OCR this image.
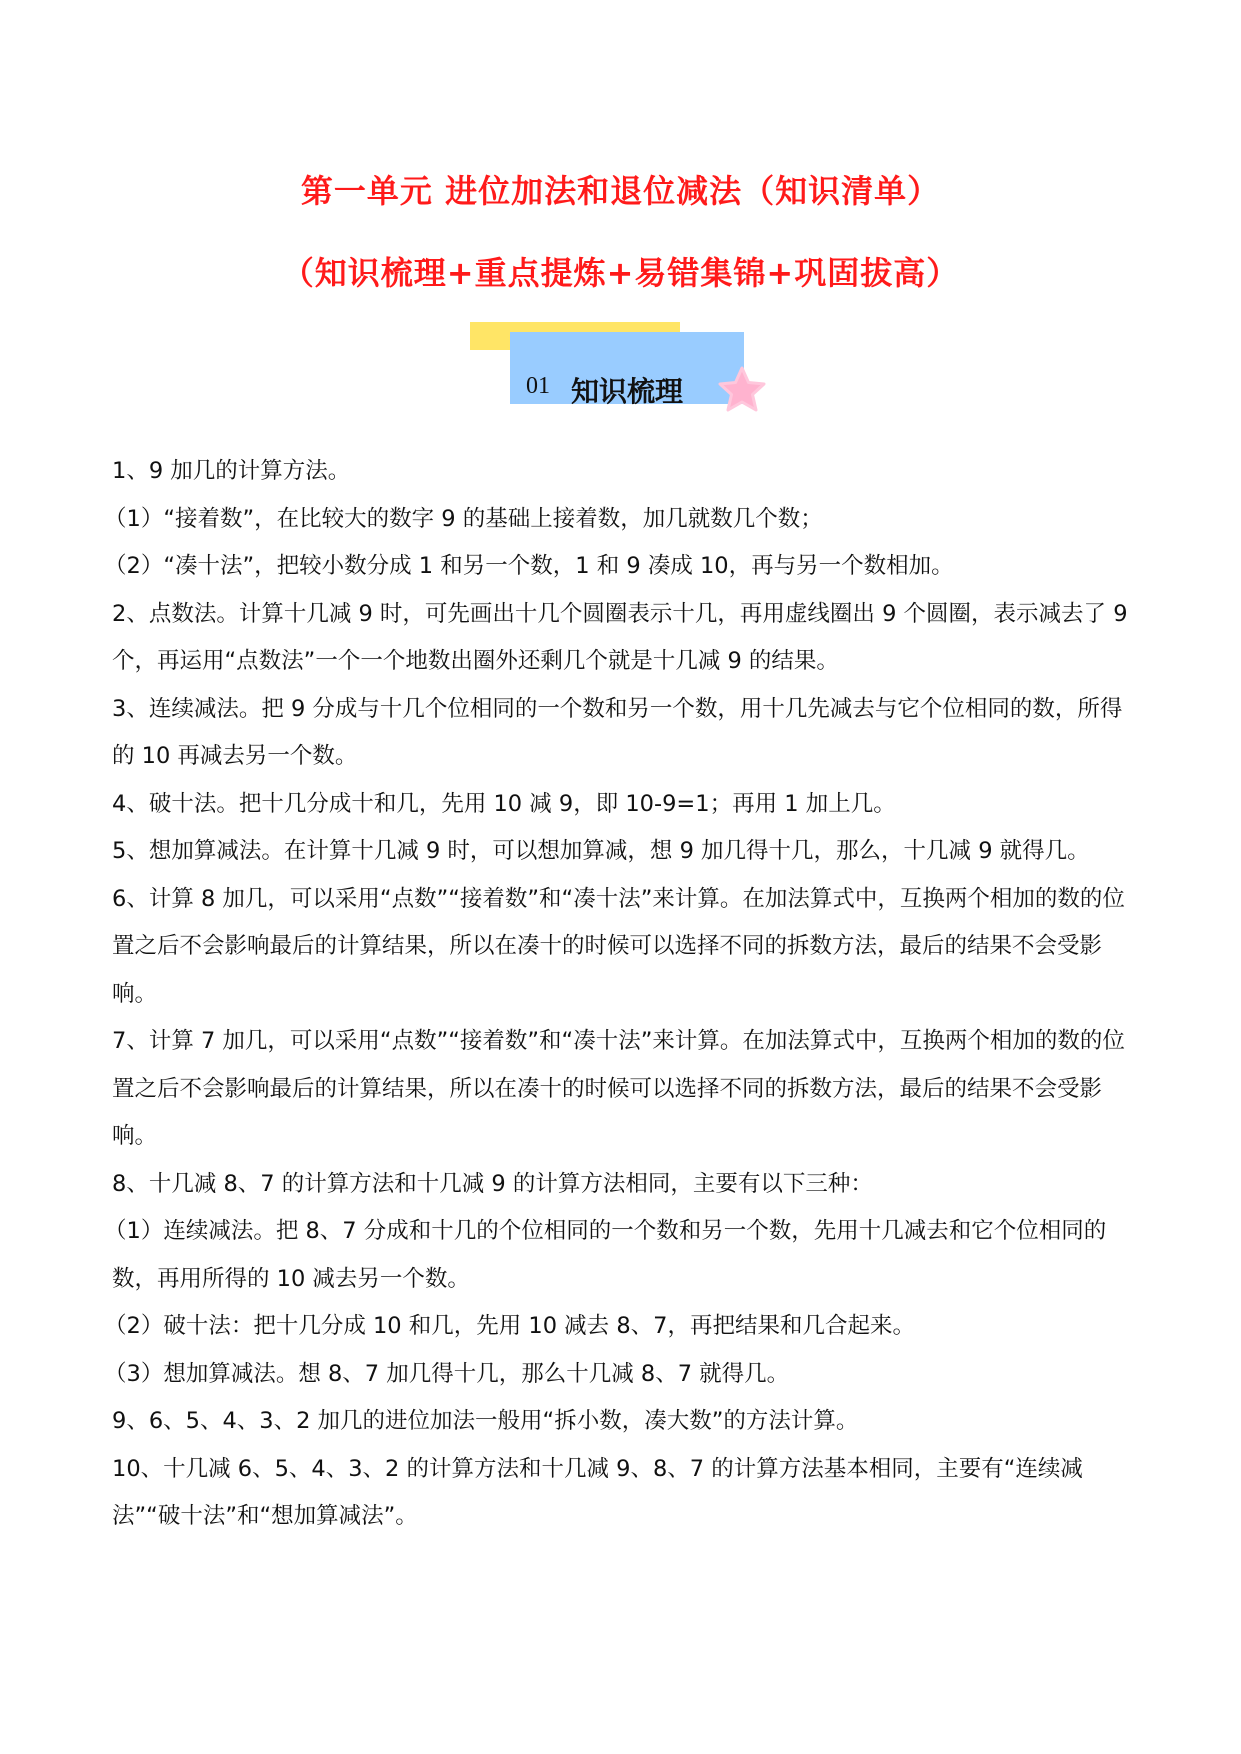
第一单元 进位加法和退位减法（知识清单）
（知识梳理+重点提炼+易错集锦+巩固拔高）
01 知识梳理

1、9 加几的计算方法。

（1）“接着数”，在比较大的数字 9 的基础上接着数，加几就数几个数；

（2）“凑十法”，把较小数分成 1 和另一个数，1 和 9 凑成 10，再与另一个数相加。

2、点数法。计算十几减 9 时，可先画出十几个圆圈表示十几，再用虚线圈出 9 个圆圈，表示减去了 9 个，再运用“点数法”一个一个地数出圈外还剩几个就是十几减 9 的结果。

3、连续减法。把 9 分成与十几个位相同的一个数和另一个数，用十几先减去与它个位相同的数，所得的 10 再减去另一个数。

4、破十法。把十几分成十和几，先用 10 减 9，即 10-9=1；再用 1 加上几。

5、想加算减法。在计算十几减 9 时，可以想加算减，想 9 加几得十几，那么，十几减 9 就得几。

6、计算 8 加几，可以采用“点数”“接着数”和“凑十法”来计算。在加法算式中，互换两个相加的数的位置之后不会影响最后的计算结果，所以在凑十的时候可以选择不同的拆数方法，最后的结果不会受影响。

7、计算 7 加几，可以采用“点数”“接着数”和“凑十法”来计算。在加法算式中，互换两个相加的数的位置之后不会影响最后的计算结果，所以在凑十的时候可以选择不同的拆数方法，最后的结果不会受影响。

8、十几减 8、7 的计算方法和十几减 9 的计算方法相同，主要有以下三种：

（1）连续减法。把 8、7 分成和十几的个位相同的一个数和另一个数，先用十几减去和它个位相同的数，再用所得的 10 减去另一个数。

（2）破十法：把十几分成 10 和几，先用 10 减去 8、7，再把结果和几合起来。

（3）想加算减法。想 8、7 加几得十几，那么十几减 8、7 就得几。

9、6、5、4、3、2 加几的进位加法一般用“拆小数，凑大数”的方法计算。

10、十几减 6、5、4、3、2 的计算方法和十几减 9、8、7 的计算方法基本相同，主要有“连续减法”“破十法”和“想加算减法”。
